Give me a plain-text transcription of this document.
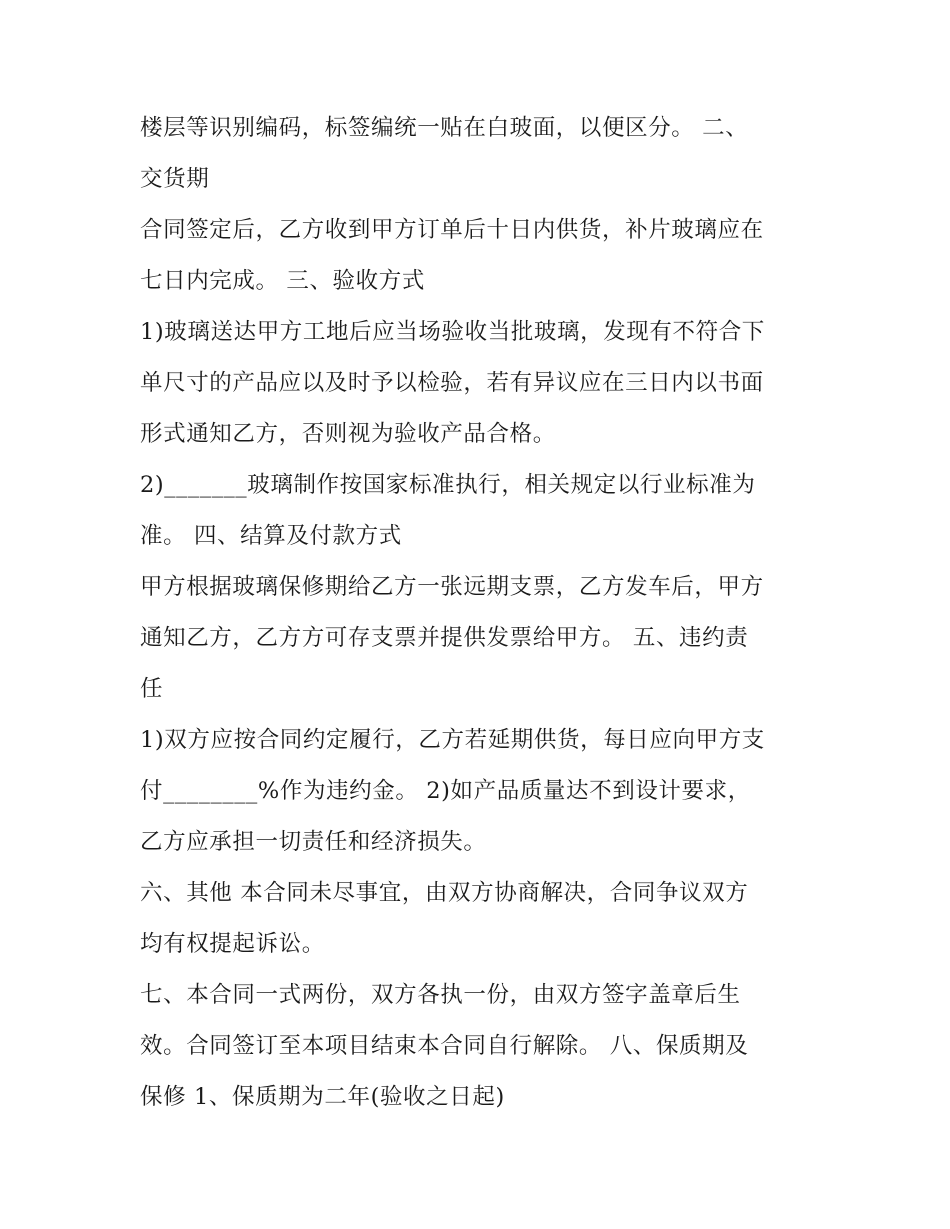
楼层等识别编码，标签编统一贴在白玻面，以便区分。 二、
交货期
合同签定后，乙方收到甲方订单后十日内供货，补片玻璃应在
七日内完成。 三、验收方式
1)玻璃送达甲方工地后应当场验收当批玻璃，发现有不符合下
单尺寸的产品应以及时予以检验，若有异议应在三日内以书面
形式通知乙方，否则视为验收产品合格。
2)_______玻璃制作按国家标准执行，相关规定以行业标准为
准。 四、结算及付款方式
甲方根据玻璃保修期给乙方一张远期支票，乙方发车后，甲方
通知乙方，乙方方可存支票并提供发票给甲方。 五、违约责
任
1)双方应按合同约定履行，乙方若延期供货，每日应向甲方支
付________%作为违约金。 2)如产品质量达不到设计要求，
乙方应承担一切责任和经济损失。
六、其他 本合同未尽事宜，由双方协商解决，合同争议双方
均有权提起诉讼。
七、本合同一式两份，双方各执一份，由双方签字盖章后生
效。合同签订至本项目结束本合同自行解除。 八、保质期及
保修 1、保质期为二年(验收之日起)
